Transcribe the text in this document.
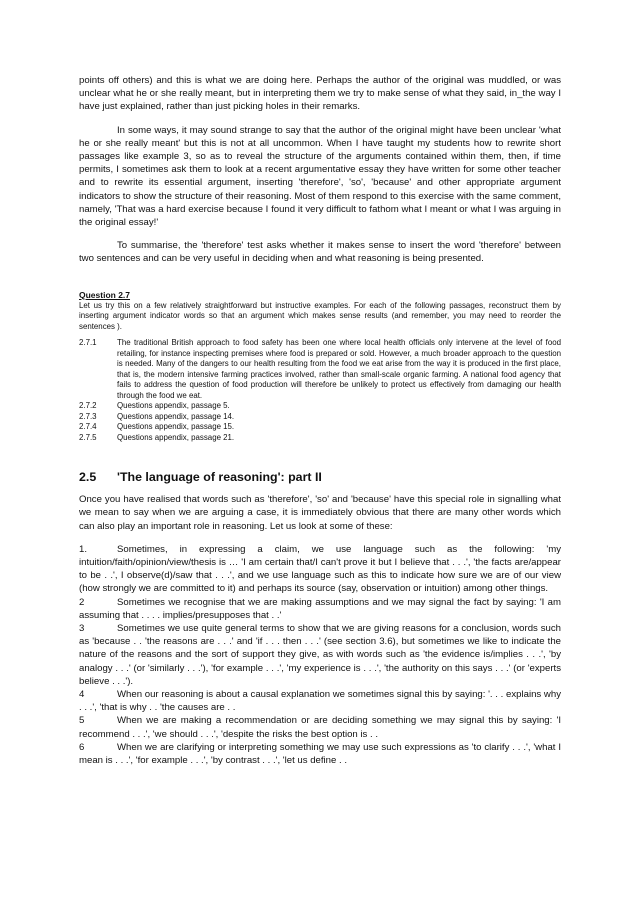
points off others) and this is what we are doing here. Perhaps the author of the original was muddled, or was unclear what he or she really meant, but in interpreting them we try to make sense of what they said, in_the way I have just explained, rather than just picking holes in their remarks.

In some ways, it may sound strange to say that the author of the original might have been unclear 'what he or she really meant' but this is not at all uncommon. When I have taught my students how to rewrite short passages like example 3, so as to reveal the structure of the arguments contained within them, then, if time permits, I sometimes ask them to look at a recent argumentative essay they have written for some other teacher and to rewrite its essential argument, inserting 'therefore', 'so', 'because' and other appropriate argument indicators to show the structure of their reasoning. Most of them respond to this exercise with the same comment, namely, 'That was a hard exercise because I found it very difficult to fathom what I meant or what I was arguing in the original essay!'

To summarise, the 'therefore' test asks whether it makes sense to insert the word 'therefore' between two sentences and can be very useful in deciding when and what reasoning is being presented.

Question 2.7

Let us try this on a few relatively straightforward but instructive examples. For each of the following passages, reconstruct them by inserting argument indicator words so that an argument which makes sense results (and remember, you may need to reorder the sentences ).

2.7.1	The traditional British approach to food safety has been one where local health officials only intervene at the level of food retailing, for instance inspecting premises where food is prepared or sold. However, a much broader approach to the question is needed. Many of the dangers to our health resulting from the food we eat arise from the way it is produced in the first place, that is, the modern intensive farming practices involved, rather than small-scale organic farming. A national food agency that fails to address the question of food production will therefore be unlikely to protect us effectively from damaging our health through the food we eat.
2.7.2	Questions appendix, passage 5.
2.7.3	Questions appendix, passage 14.
2.7.4	Questions appendix, passage 15.
2.7.5	Questions appendix, passage 21.
2.5	'The language of reasoning': part II

Once you have realised that words such as 'therefore', 'so' and 'because' have this special role in signalling what we mean to say when we are arguing a case, it is immediately obvious that there are many other words which can also play an important role in reasoning. Let us look at some of these:

1.	Sometimes, in expressing a claim, we use language such as the following: 'my intuition/faith/opinion/view/thesis is … 'I am certain that/I can't prove it but I believe that . . .', 'the facts are/appear to be . .', I observe(d)/saw that . . .', and we use language such as this to indicate how sure we are of our view (how strongly we are committed to it) and perhaps its source (say, observation or intuition) among other things.

2	Sometimes we recognise that we are making assumptions and we may signal the fact by saying: 'I am assuming that . . . . implies/presupposes that . .'

3	Sometimes we use quite general terms to show that we are giving reasons for a conclusion, words such as 'because . . 'the reasons are . . .' and 'if . . . then . . .' (see section 3.6), but sometimes we like to indicate the nature of the reasons and the sort of support they give, as with words such as 'the evidence is/implies . . .', 'by analogy . . .' (or 'similarly . . .'), 'for example . . .', 'my experience is . . .', 'the authority on this says . . .' (or 'experts believe . . .').

4	When our reasoning is about a causal explanation we sometimes signal this by saying: '. . . explains why . . .', 'that is why . . 'the causes are . .

5	When we are making a recommendation or are deciding something we may signal this by saying: 'I recommend . . .', 'we should . . .', 'despite the risks the best option is . .

6	When we are clarifying or interpreting something we may use such expressions as 'to clarify . . .', 'what I mean is . . .', 'for example . . .', 'by contrast . . .', 'let us define . .
